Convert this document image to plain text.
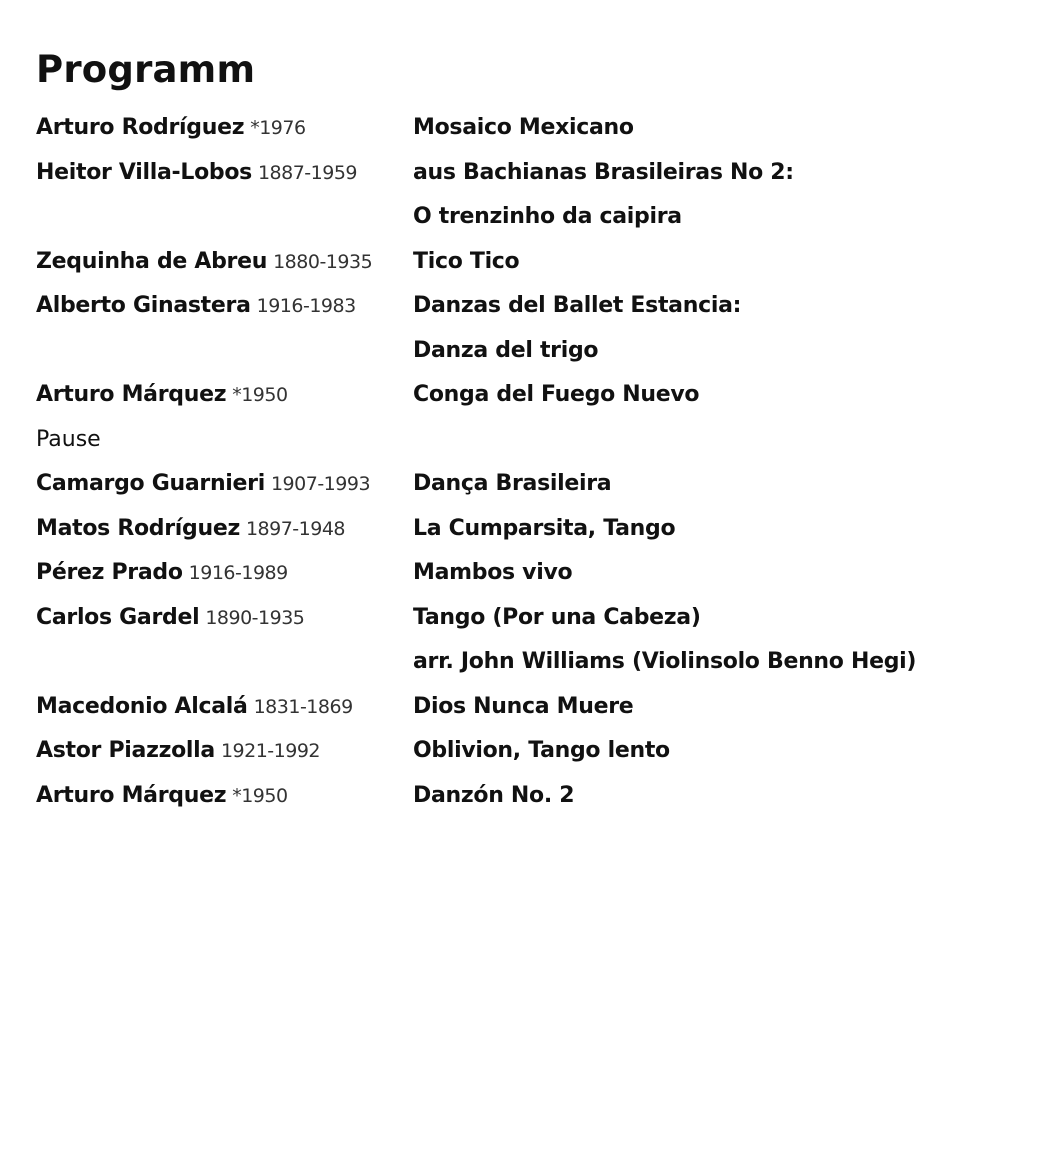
Programm
Arturo Rodríguez *1976	Mosaico Mexicano
Heitor Villa-Lobos 1887-1959	aus Bachianas Brasileiras No 2:
O trenzinho da caipira
Zequinha de Abreu 1880-1935	Tico Tico
Alberto Ginastera 1916-1983	Danzas del Ballet Estancia:
Danza del trigo
Arturo Márquez *1950	Conga del Fuego Nuevo
Pause
Camargo Guarnieri 1907-1993	Dança Brasileira
Matos Rodríguez 1897-1948	La Cumparsita, Tango
Pérez Prado 1916-1989	Mambos vivo
Carlos Gardel 1890-1935	Tango (Por una Cabeza)
arr. John Williams (Violinsolo Benno Hegi)
Macedonio Alcalá 1831-1869	Dios Nunca Muere
Astor Piazzolla 1921-1992	Oblivion, Tango lento
Arturo Márquez *1950	Danzón No. 2
